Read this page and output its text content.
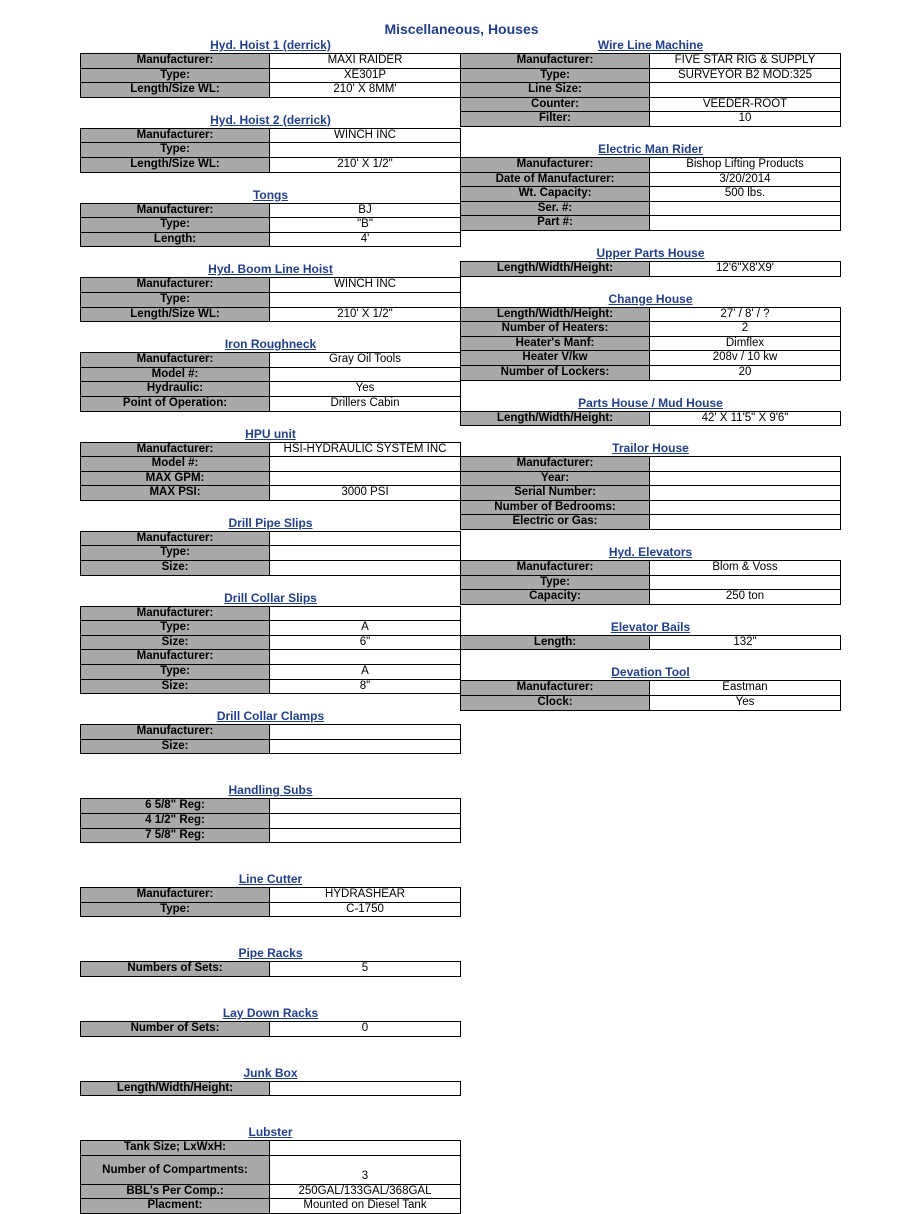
Miscellaneous, Houses
Hyd. Hoist 1 (derrick)
Manufacturer:	MAXI RAIDER
Type:	XE301P
Length/Size WL:	210' X 8MM'
Hyd. Hoist 2 (derrick)
Manufacturer:	WINCH INC
Type:	
Length/Size WL:	210' X 1/2"
Tongs
Manufacturer:	BJ
Type:	"B"
Length:	4'
Hyd. Boom Line Hoist
Manufacturer:	WINCH INC
Type:	
Length/Size WL:	210' X 1/2"
Iron Roughneck
Manufacturer:	Gray Oil Tools
Model #:	
Hydraulic:	Yes
Point of Operation:	Drillers Cabin
HPU unit
Manufacturer:	HSI-HYDRAULIC SYSTEM INC
Model #:	
MAX GPM:	
MAX PSI:	3000 PSI
Drill Pipe Slips
Manufacturer:	
Type:	
Size:	
Drill Collar Slips
Manufacturer:	
Type:	A
Size:	6"
Manufacturer:	
Type:	A
Size:	8"
Drill Collar Clamps
Manufacturer:	
Size:	
Handling Subs
6 5/8" Reg:	
4 1/2" Reg:	
7 5/8" Reg:	
Line Cutter
Manufacturer:	HYDRASHEAR
Type:	C-1750
Pipe Racks
Numbers of Sets:	5
Lay Down Racks
Number of Sets:	0
Junk Box
Length/Width/Height:	
Lubster
Tank Size; LxWxH:	
Number of Compartments:	3
BBL's Per Comp.:	250GAL/133GAL/368GAL
Placment:	Mounted on Diesel Tank
Wire Line Machine
Manufacturer:	FIVE STAR RIG & SUPPLY
Type:	SURVEYOR B2 MOD:325
Line Size:	
Counter:	VEEDER-ROOT
Filter:	10
Electric Man Rider
Manufacturer:	Bishop Lifting Products
Date of Manufacturer:	3/20/2014
Wt. Capacity:	500 lbs.
Ser. #:	
Part #:	
Upper Parts House
Length/Width/Height:	12'6"X8'X9'
Change House
Length/Width/Height:	27' / 8' / ?
Number of Heaters:	2
Heater's Manf:	Dimflex
Heater V/kw	208v / 10 kw
Number of Lockers:	20
Parts House / Mud House
Length/Width/Height:	42' X 11'5" X 9'6"
Trailor House
Manufacturer:	
Year:	
Serial Number:	
Number of Bedrooms:	
Electric or Gas:	
Hyd. Elevators
Manufacturer:	Blom & Voss
Type:	
Capacity:	250 ton
Elevator Bails
Length:	132"
Devation Tool
Manufacturer:	Eastman
Clock:	Yes
